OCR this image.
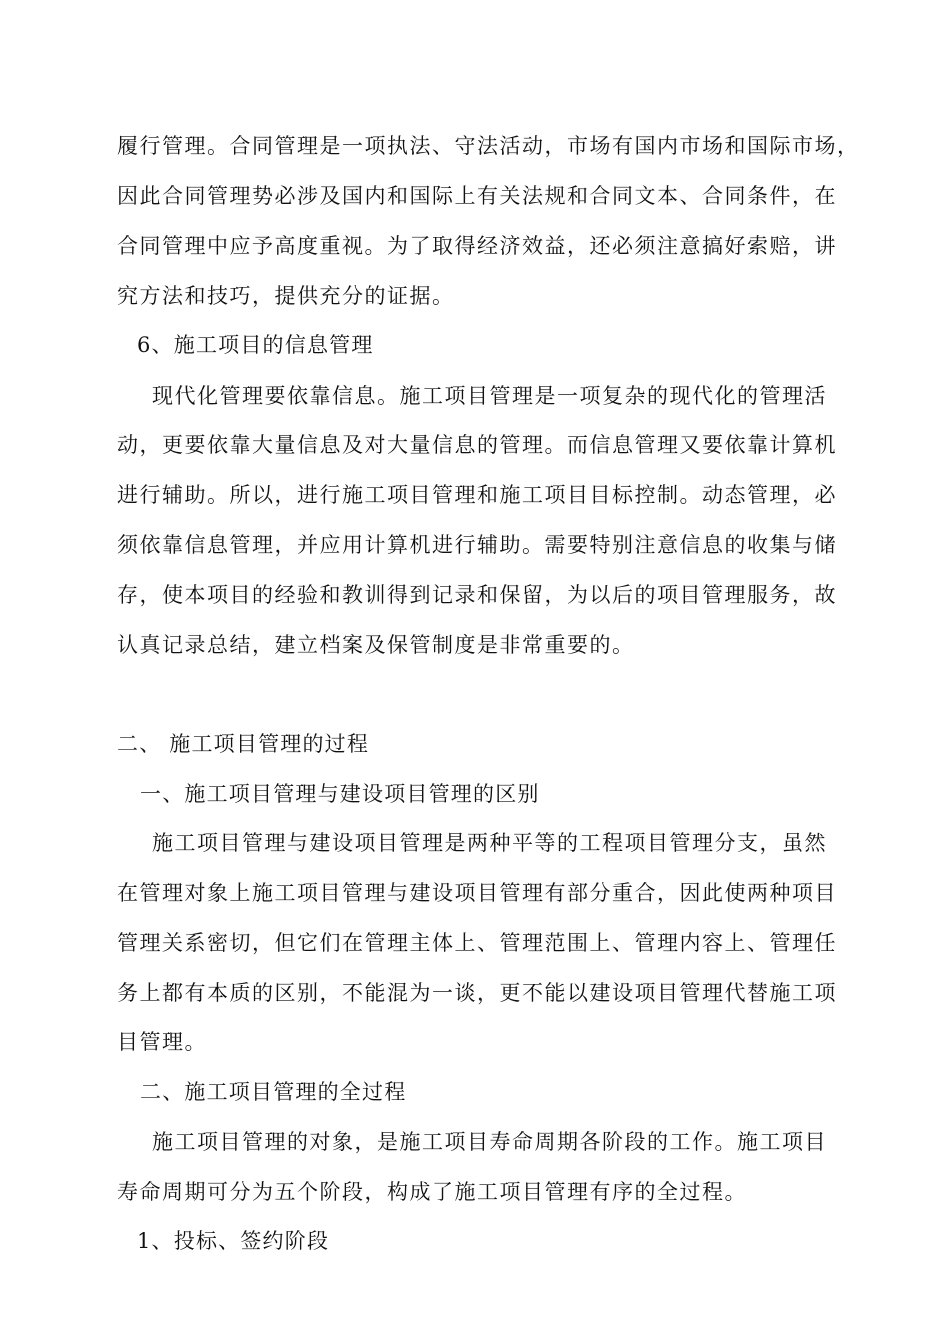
履行管理。合同管理是一项执法、守法活动，市场有国内市场和国际市场，
因此合同管理势必涉及国内和国际上有关法规和合同文本、合同条件，在
合同管理中应予高度重视。为了取得经济效益，还必须注意搞好索赔，讲
究方法和技巧，提供充分的证据。
6、施工项目的信息管理
现代化管理要依靠信息。施工项目管理是一项复杂的现代化的管理活
动，更要依靠大量信息及对大量信息的管理。而信息管理又要依靠计算机
进行辅助。所以，进行施工项目管理和施工项目目标控制。动态管理，必
须依靠信息管理，并应用计算机进行辅助。需要特别注意信息的收集与储
存，使本项目的经验和教训得到记录和保留，为以后的项目管理服务，故
认真记录总结，建立档案及保管制度是非常重要的。
二、 施工项目管理的过程
一、施工项目管理与建设项目管理的区别
施工项目管理与建设项目管理是两种平等的工程项目管理分支，虽然
在管理对象上施工项目管理与建设项目管理有部分重合，因此使两种项目
管理关系密切，但它们在管理主体上、管理范围上、管理内容上、管理任
务上都有本质的区别，不能混为一谈，更不能以建设项目管理代替施工项
目管理。
二、施工项目管理的全过程
施工项目管理的对象，是施工项目寿命周期各阶段的工作。施工项目
寿命周期可分为五个阶段，构成了施工项目管理有序的全过程。
1、投标、签约阶段
